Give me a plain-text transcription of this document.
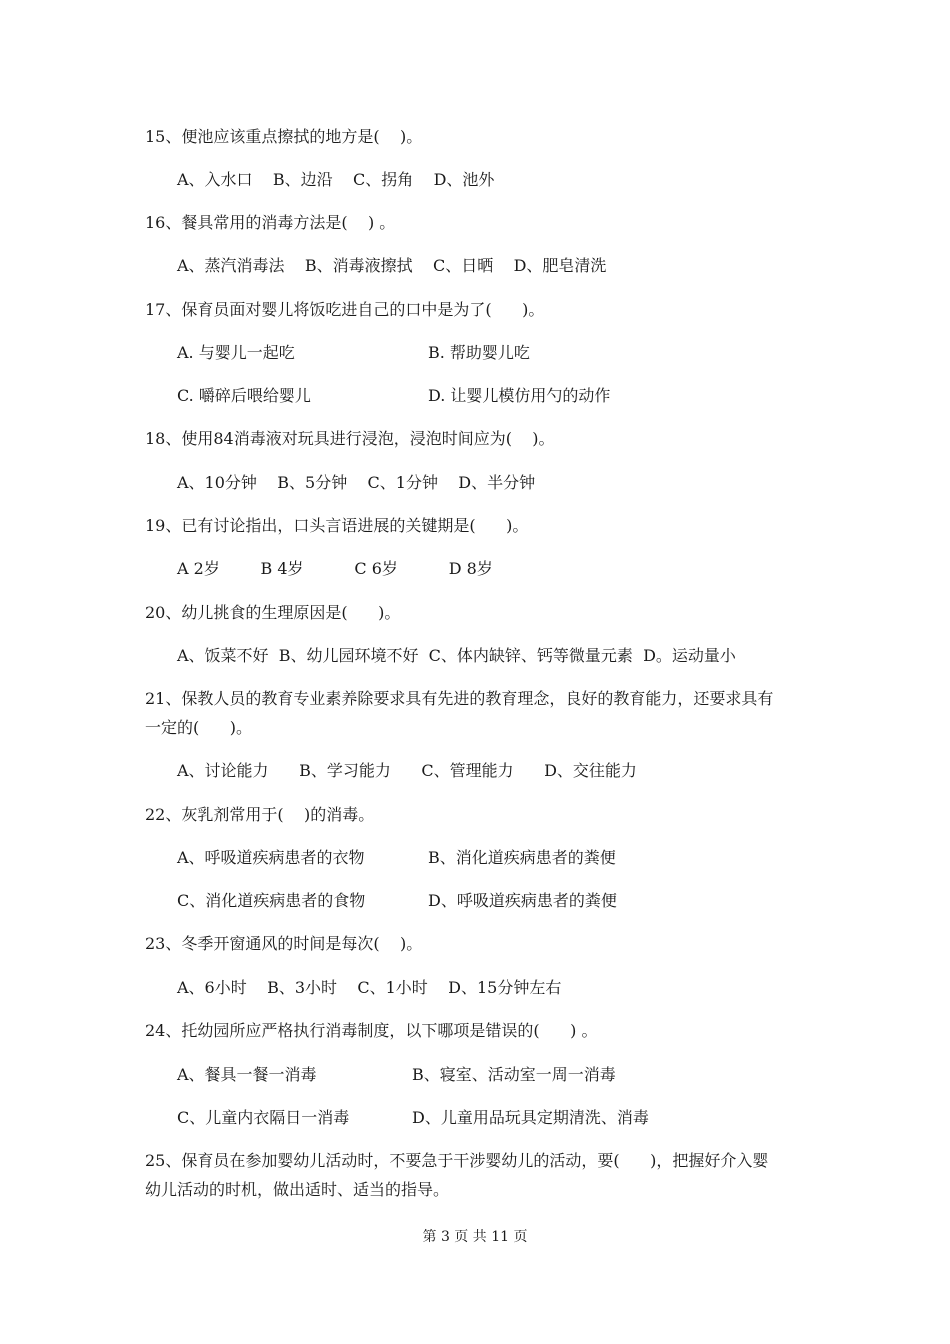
15、便池应该重点擦拭的地方是(    )。
A、入水口    B、边沿    C、拐角    D、池外
16、餐具常用的消毒方法是(    ) 。
A、蒸汽消毒法    B、消毒液擦拭    C、日晒    D、肥皂清洗
17、保育员面对婴儿将饭吃进自己的口中是为了(      )。
A. 与婴儿一起吃	B. 帮助婴儿吃
C. 嚼碎后喂给婴儿	D. 让婴儿模仿用勺的动作
18、使用84消毒液对玩具进行浸泡，浸泡时间应为(    )。
A、10分钟    B、5分钟    C、1分钟    D、半分钟
19、已有讨论指出，口头言语进展的关键期是(      )。
A 2岁        B 4岁          C 6岁          D 8岁
20、幼儿挑食的生理原因是(      )。
A、饭菜不好  B、幼儿园环境不好  C、体内缺锌、钙等微量元素  D。运动量小
21、保教人员的教育专业素养除要求具有先进的教育理念，良好的教育能力，还要求具有
一定的(      )。
A、讨论能力      B、学习能力      C、管理能力      D、交往能力
22、灰乳剂常用于(    )的消毒。
A、呼吸道疾病患者的衣物	B、消化道疾病患者的粪便
C、消化道疾病患者的食物	D、呼吸道疾病患者的粪便
23、冬季开窗通风的时间是每次(    )。
A、6小时    B、3小时    C、1小时    D、15分钟左右
24、托幼园所应严格执行消毒制度，以下哪项是错误的(      ) 。
A、餐具一餐一消毒	B、寝室、活动室一周一消毒
C、儿童内衣隔日一消毒	D、儿童用品玩具定期清洗、消毒
25、保育员在参加婴幼儿活动时，不要急于干涉婴幼儿的活动，要(      )，把握好介入婴
幼儿活动的时机，做出适时、适当的指导。
第 3 页 共 11 页
